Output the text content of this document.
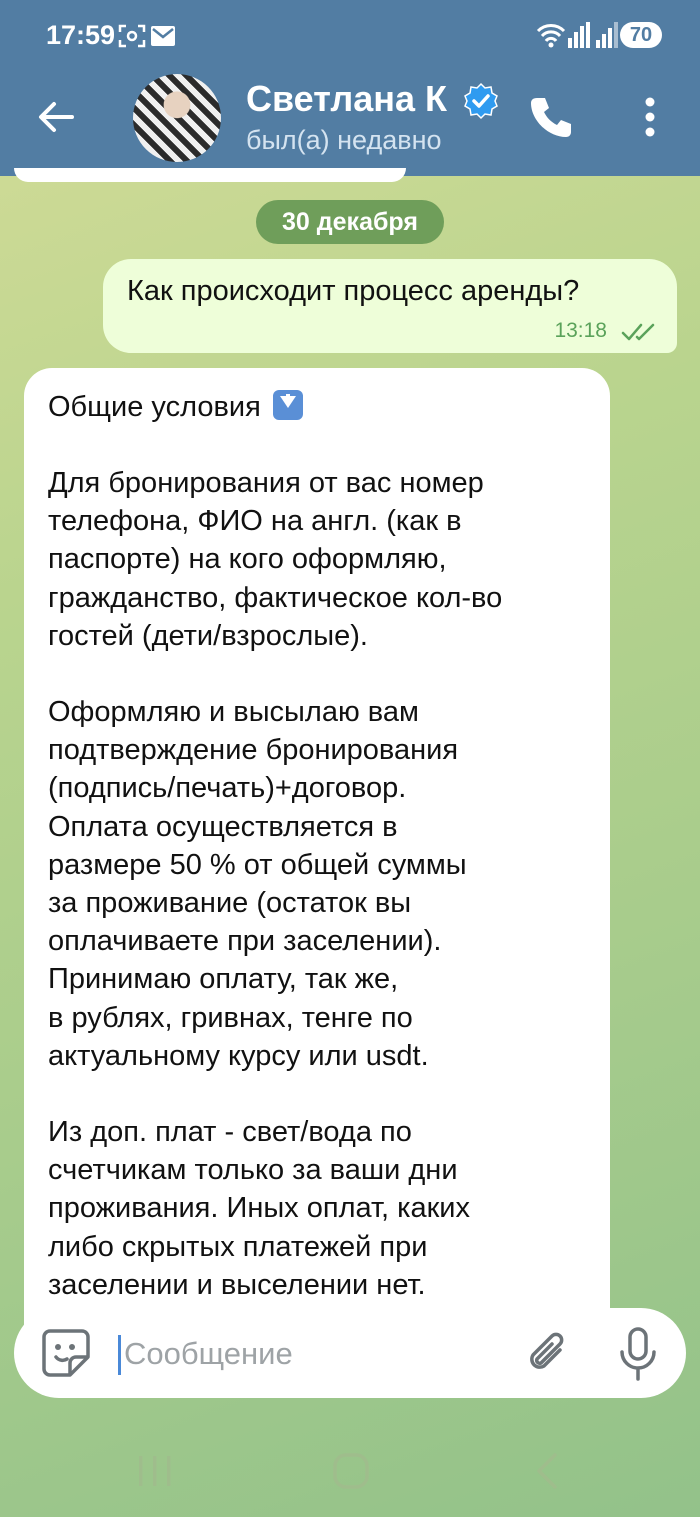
17:59	70
Светлана К
был(а) недавно
30 декабря
Как происходит процесс аренды?
13:18

Общие условия

Для бронирования от вас номер
телефона, ФИО на англ. (как в
паспорте) на кого оформляю,
гражданство, фактическое кол-во
гостей (дети/взрослые).

Оформляю и высылаю вам
подтверждение бронирования
(подпись/печать)+договор.
Оплата осуществляется в
размере 50 % от общей суммы
за проживание (остаток вы
оплачиваете при заселении).
Принимаю оплату, так же,
в рублях, гривнах, тенге по
актуальному курсу или usdt.

Из доп. плат - свет/вода по
счетчикам только за ваши дни
проживания. Иных оплат, каких
либо скрытых платежей при
заселении и выселении нет.

Сообщение
